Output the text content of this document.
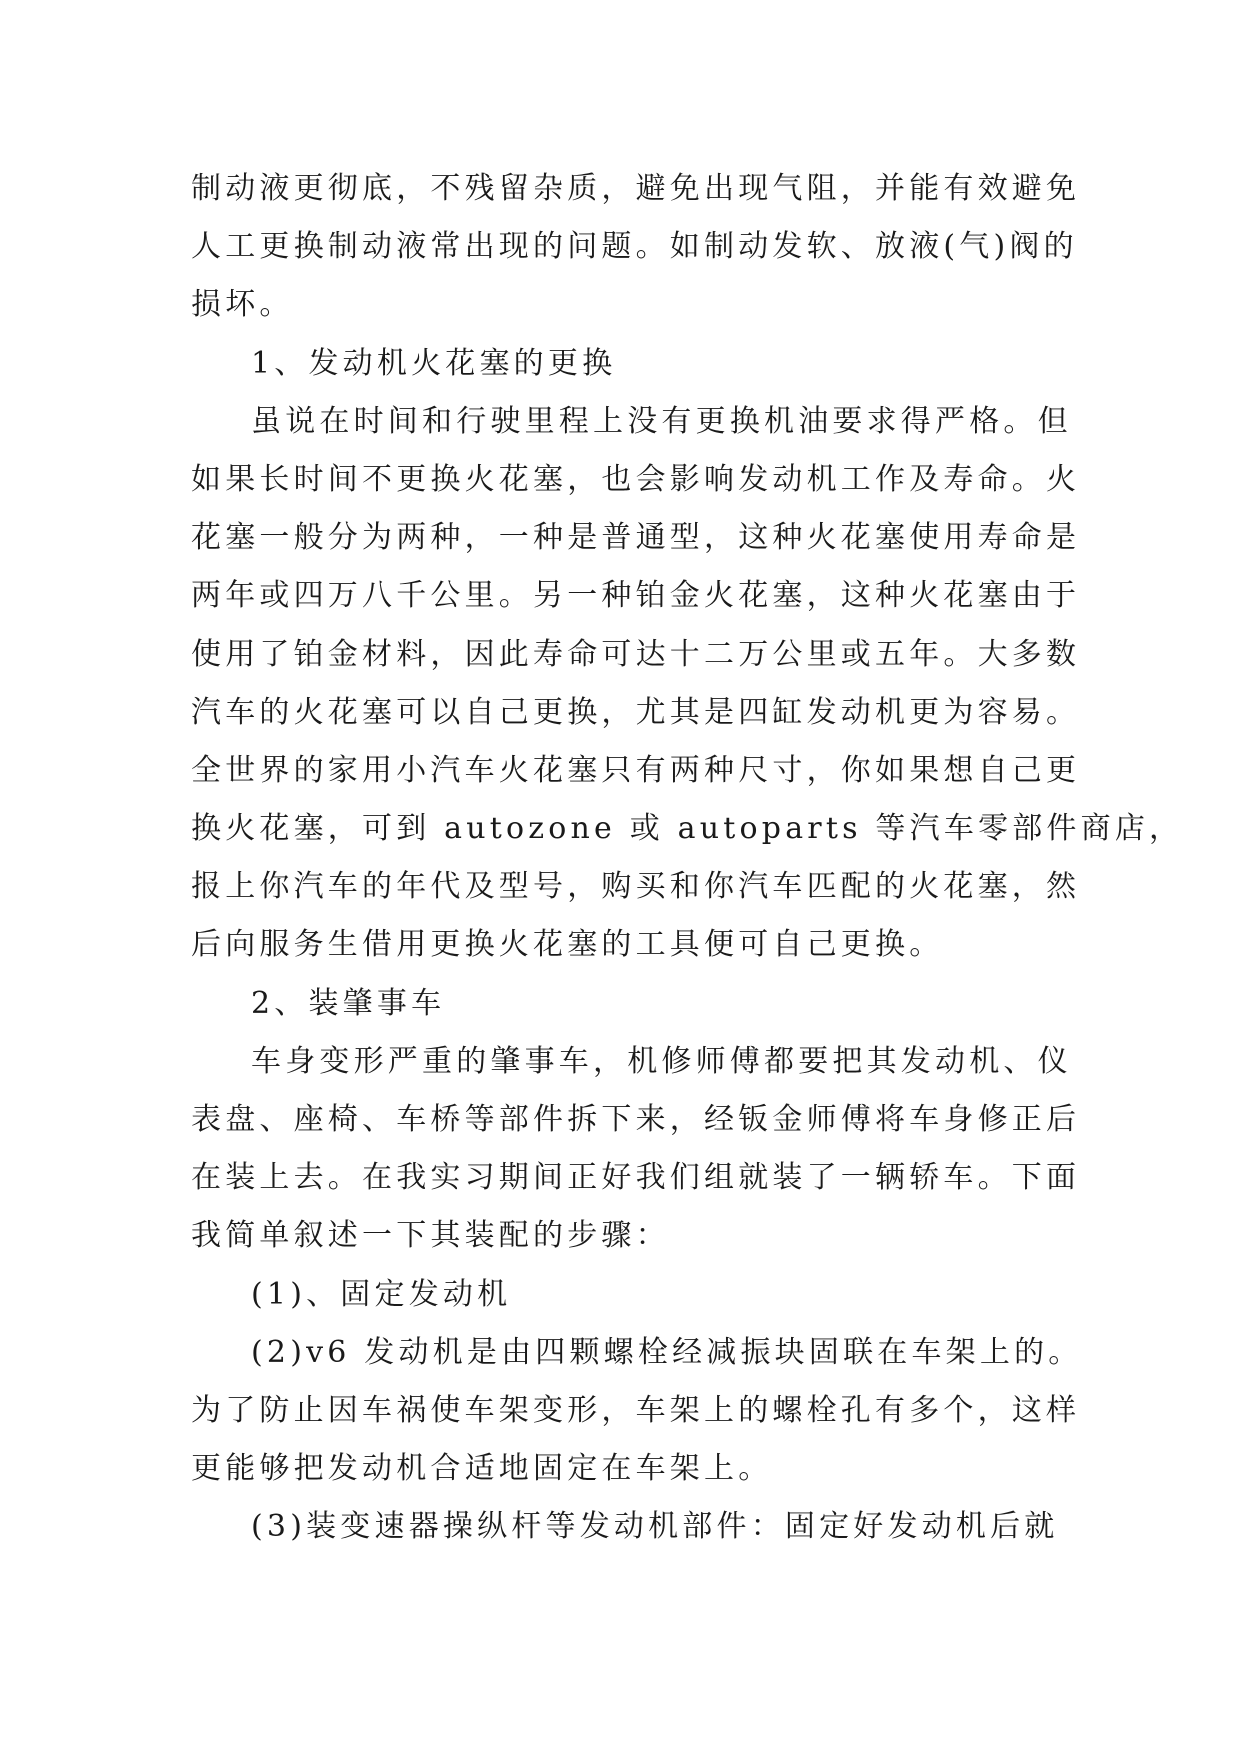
制动液更彻底，不残留杂质，避免出现气阻，并能有效避免
人工更换制动液常出现的问题。如制动发软、放液(气)阀的
损坏。
1、发动机火花塞的更换
虽说在时间和行驶里程上没有更换机油要求得严格。但
如果长时间不更换火花塞，也会影响发动机工作及寿命。火
花塞一般分为两种，一种是普通型，这种火花塞使用寿命是
两年或四万八千公里。另一种铂金火花塞，这种火花塞由于
使用了铂金材料，因此寿命可达十二万公里或五年。大多数
汽车的火花塞可以自己更换，尤其是四缸发动机更为容易。
全世界的家用小汽车火花塞只有两种尺寸，你如果想自己更
换火花塞，可到 autozone 或 autoparts 等汽车零部件商店，
报上你汽车的年代及型号，购买和你汽车匹配的火花塞，然
后向服务生借用更换火花塞的工具便可自己更换。
2、装肇事车
车身变形严重的肇事车，机修师傅都要把其发动机、仪
表盘、座椅、车桥等部件拆下来，经钣金师傅将车身修正后
在装上去。在我实习期间正好我们组就装了一辆轿车。下面
我简单叙述一下其装配的步骤：
(1)、固定发动机
(2)v6 发动机是由四颗螺栓经减振块固联在车架上的。
为了防止因车祸使车架变形，车架上的螺栓孔有多个，这样
更能够把发动机合适地固定在车架上。
(3)装变速器操纵杆等发动机部件：固定好发动机后就
